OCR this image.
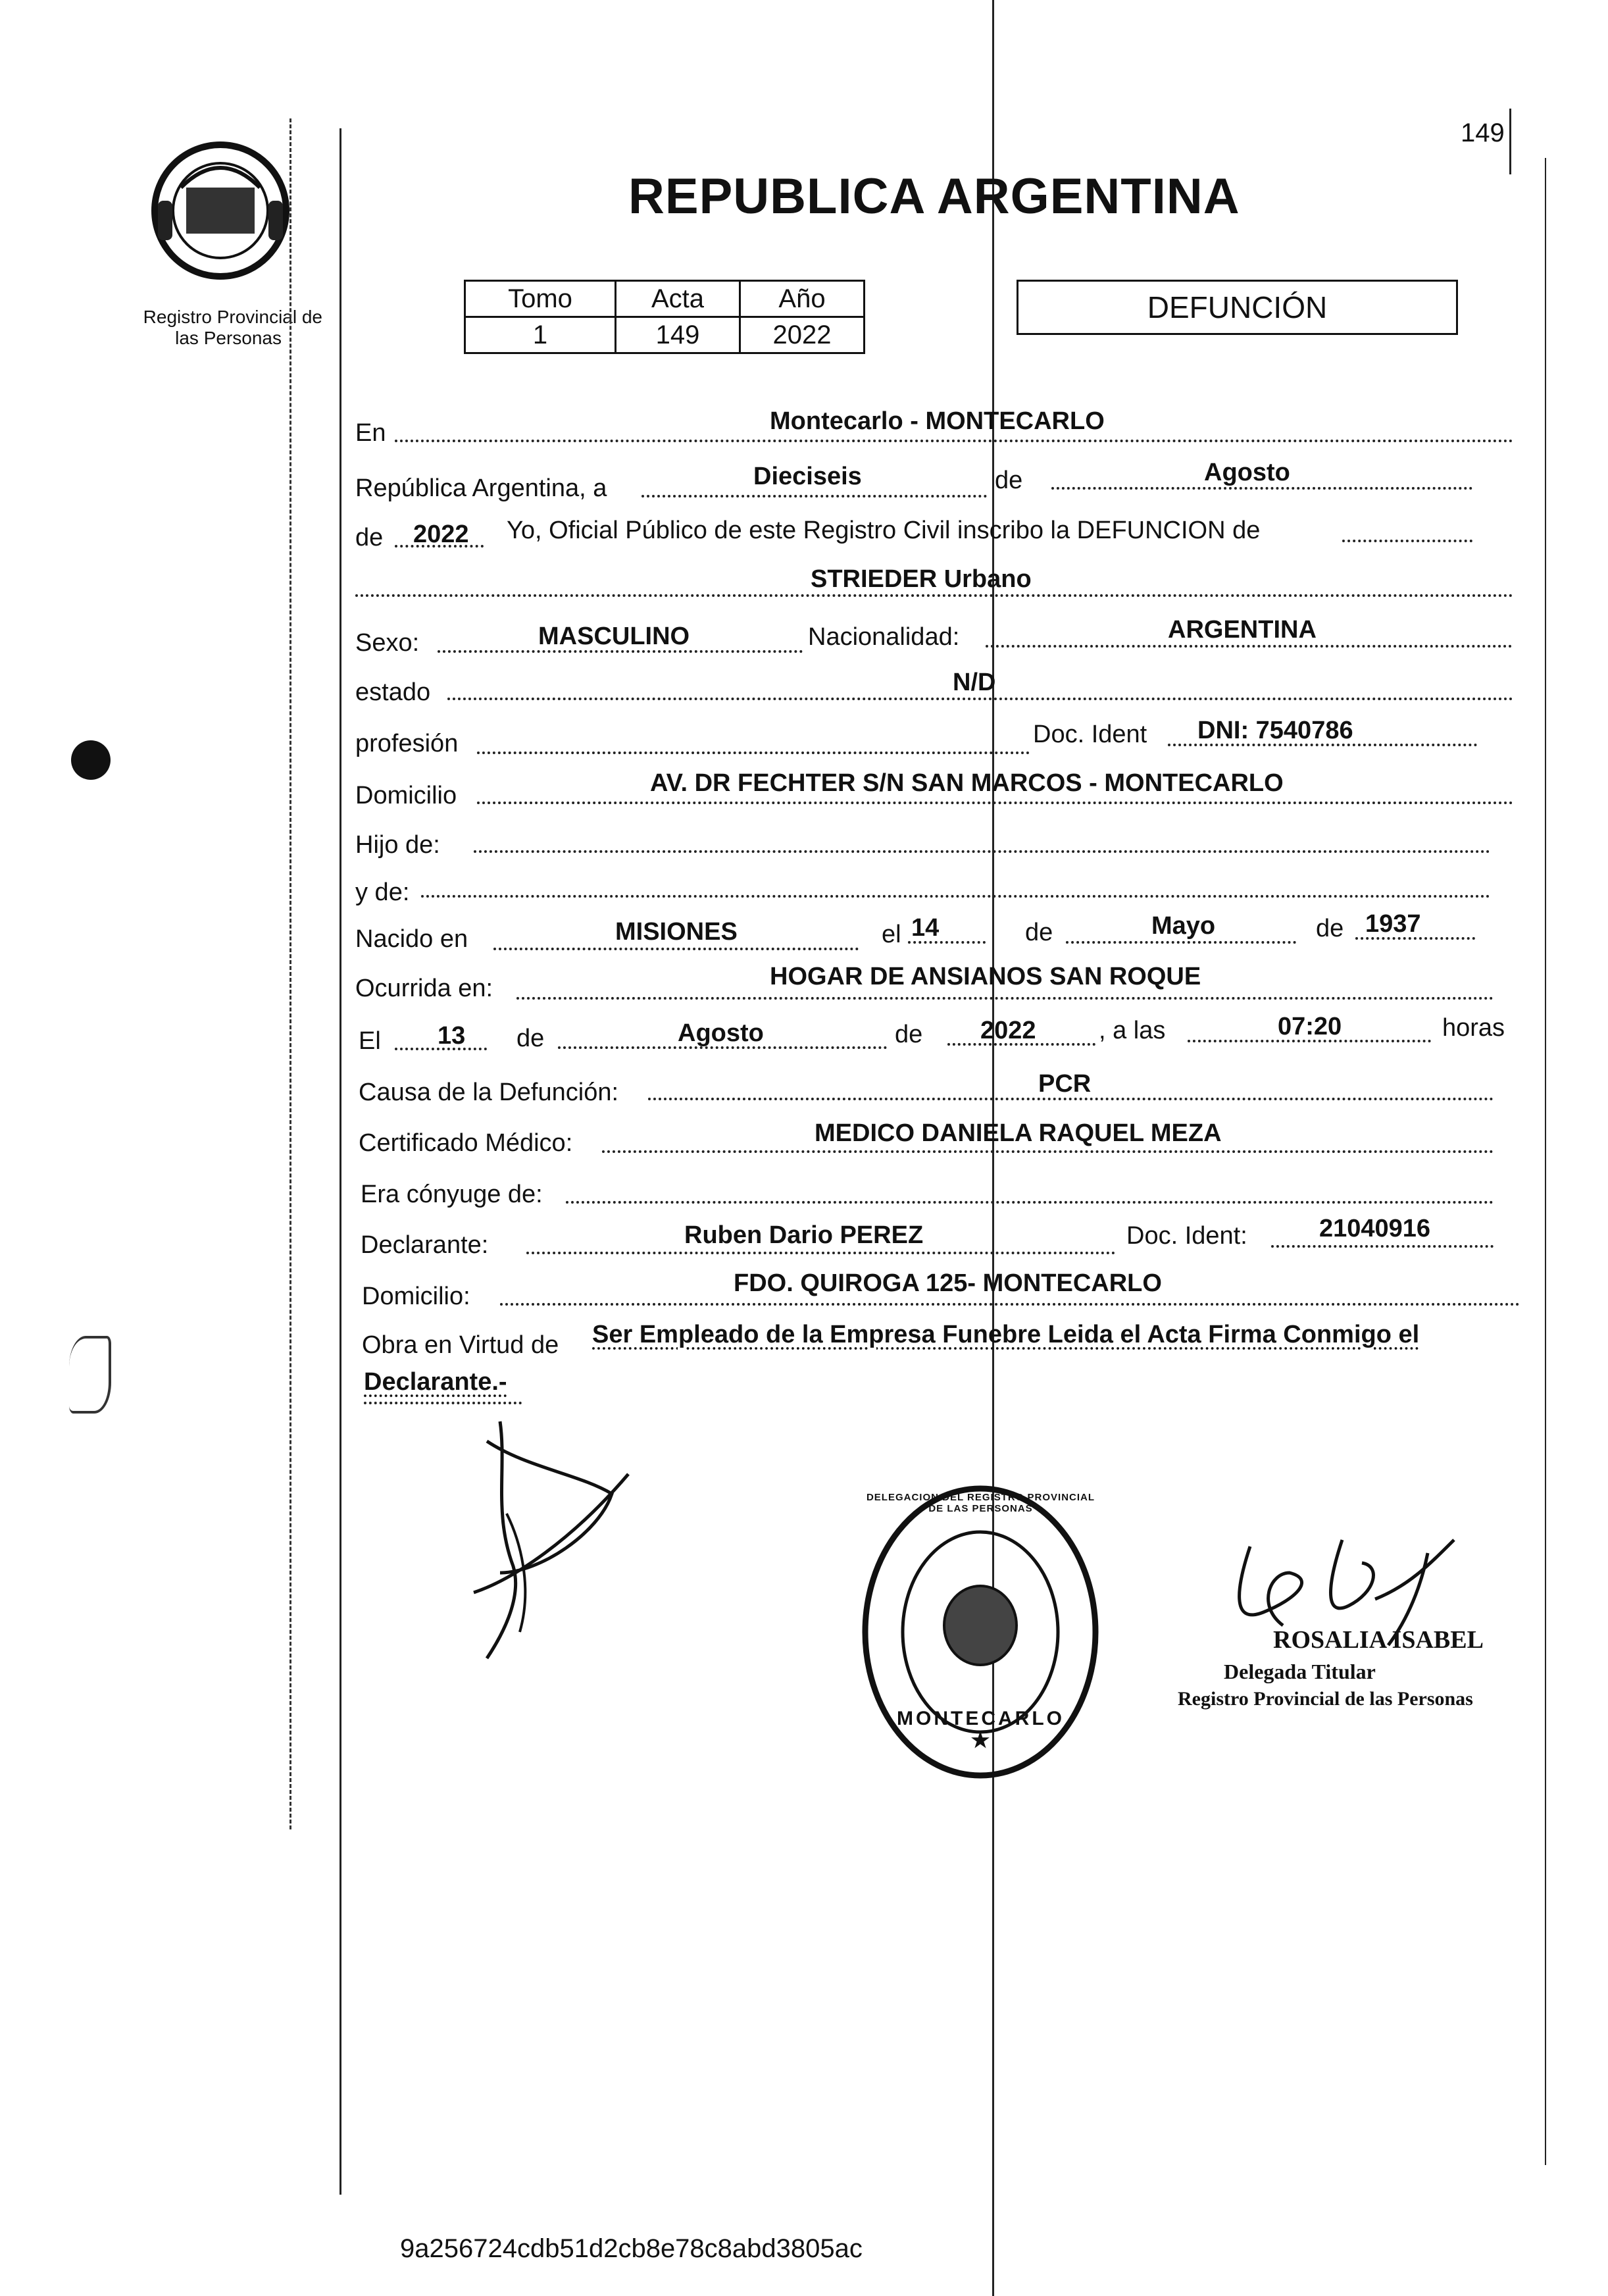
149
Registro Provincial de
las Personas
REPUBLICA ARGENTINA
Tomo	Acta	Año
1	149	2022
DEFUNCIÓN
En	Montecarlo - MONTECARLO
República Argentina, a	Dieciseis	de	Agosto
de 2022 Yo, Oficial Público de este Registro Civil inscribo la DEFUNCION de
STRIEDER Urbano
Sexo:	MASCULINO	Nacionalidad:	ARGENTINA
estado	N/D
profesión	Doc. Ident DNI: 7540786
Domicilio	AV. DR FECHTER S/N SAN MARCOS - MONTECARLO
Hijo de:
y de:
Nacido en	MISIONES	el 14	de	Mayo	de 1937
Ocurrida en:	HOGAR DE ANSIANOS SAN ROQUE
El 13 de	Agosto	de 2022	, a las	07:20	horas
Causa de la Defunción:	PCR
Certificado Médico:	MEDICO DANIELA RAQUEL MEZA
Era cónyuge de:
Declarante:	Ruben Dario PEREZ	Doc. Ident:	21040916
Domicilio:	FDO. QUIROGA 125- MONTECARLO
Obra en Virtud de Ser Empleado de la Empresa Funebre Leida el Acta Firma Conmigo el
Declarante.-
★
DELEGACION DEL REGISTRO PROVINCIAL DE LAS PERSONAS
MONTECARLO
ROSALIA ISABEL
Delegada Titular
Registro Provincial de las Personas
9a256724cdb51d2cb8e78c8abd3805ac
